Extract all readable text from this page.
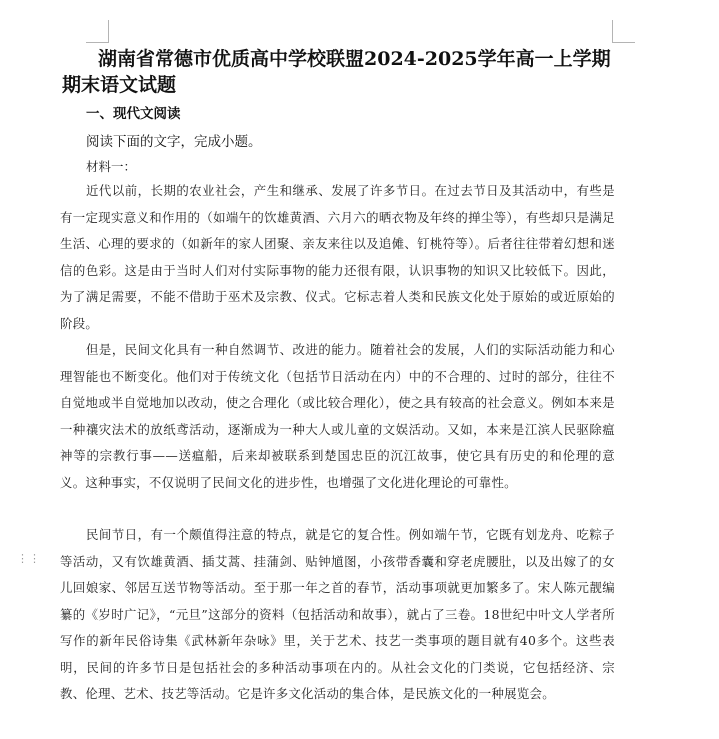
⋮⋮
湖南省常德市优质高中学校联盟2024-2025学年高一上学期期末语文试题
一、现代文阅读
阅读下面的文字，完成小题。
材料一：
近代以前，长期的农业社会，产生和继承、发展了许多节日。在过去节日及其活动中，有些是有一定现实意义和作用的（如端午的饮雄黄酒、六月六的晒衣物及年终的掸尘等），有些却只是满足生活、心理的要求的（如新年的家人团聚、亲友来往以及追傩、钉桃符等）。后者往往带着幻想和迷信的色彩。这是由于当时人们对付实际事物的能力还很有限，认识事物的知识又比较低下。因此，为了满足需要，不能不借助于巫术及宗教、仪式。它标志着人类和民族文化处于原始的或近原始的阶段。
但是，民间文化具有一种自然调节、改进的能力。随着社会的发展，人们的实际活动能力和心理智能也不断变化。他们对于传统文化（包括节日活动在内）中的不合理的、过时的部分，往往不自觉地或半自觉地加以改动，使之合理化（或比较合理化），使之具有较高的社会意义。例如本来是一种禳灾法术的放纸鸢活动，逐渐成为一种大人或儿童的文娱活动。又如，本来是江滨人民驱除瘟神等的宗教行事——送瘟船，后来却被联系到楚国忠臣的沉江故事，使它具有历史的和伦理的意义。这种事实，不仅说明了民间文化的进步性，也增强了文化进化理论的可靠性。
民间节日，有一个颇值得注意的特点，就是它的复合性。例如端午节，它既有划龙舟、吃粽子等活动，又有饮雄黄酒、插艾蒿、挂蒲剑、贴钟馗图，小孩带香囊和穿老虎腰肚，以及出嫁了的女儿回娘家、邻居互送节物等活动。至于那一年之首的春节，活动事项就更加繁多了。宋人陈元靓编纂的《岁时广记》，“元旦”这部分的资料（包括活动和故事），就占了三卷。18世纪中叶文人学者所写作的新年民俗诗集《武林新年杂咏》里，关于艺术、技艺一类事项的题目就有40多个。这些表明，民间的许多节日是包括社会的多种活动事项在内的。从社会文化的门类说，它包括经济、宗教、伦理、艺术、技艺等活动。它是许多文化活动的集合体，是民族文化的一种展览会。
